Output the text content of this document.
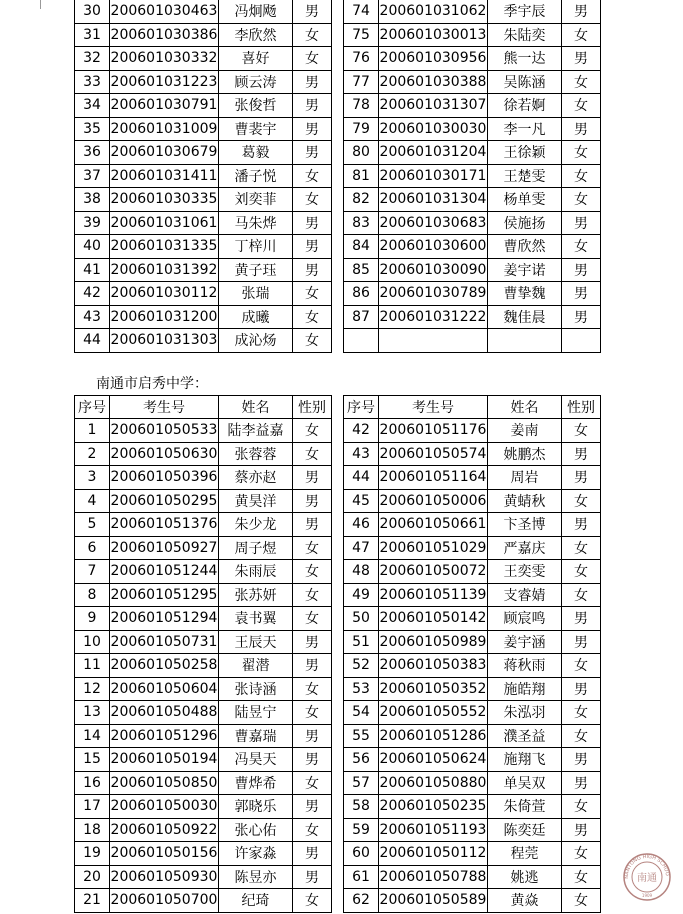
30	200601030463	冯炯飏	男		74	200601031062	季宇辰	男
31	200601030386	李欣然	女		75	200601030013	朱陆奕	女
32	200601030332	喜好	女		76	200601030956	熊一达	男
33	200601031223	顾云涛	男		77	200601030388	吴陈涵	女
34	200601030791	张俊哲	男		78	200601031307	徐若婀	女
35	200601031009	曹裴宇	男		79	200601030030	李一凡	男
36	200601030679	葛毅	男		80	200601031204	王徐颖	女
37	200601031411	潘子悦	女		81	200601030171	王楚雯	女
38	200601030335	刘奕菲	女		82	200601031304	杨单雯	女
39	200601031061	马朱烨	男		83	200601030683	侯施扬	男
40	200601031335	丁梓川	男		84	200601030600	曹欣然	女
41	200601031392	黄子珏	男		85	200601030090	姜宇诺	男
42	200601030112	张瑞	女		86	200601030789	曹挚魏	男
43	200601031200	成曦	女		87	200601031222	魏佳晨	男
44	200601031303	成沁炀	女					
南通市启秀中学：
序号	考生号	姓名	性别		序号	考生号	姓名	性别
1	200601050533	陆李益嘉	女		42	200601051176	姜南	女
2	200601050630	张蓉蓉	女		43	200601050574	姚鹏杰	男
3	200601050396	蔡亦赵	男		44	200601051164	周岩	男
4	200601050295	黄昊洋	男		45	200601050006	黄蜻秋	女
5	200601051376	朱少龙	男		46	200601050661	卞圣博	男
6	200601050927	周子煜	女		47	200601051029	严嘉庆	女
7	200601051244	朱雨辰	女		48	200601050072	王奕雯	女
8	200601051295	张苏妍	女		49	200601051139	支睿婧	女
9	200601051294	袁书翼	女		50	200601050142	顾宸鸣	男
10	200601050731	王辰天	男		51	200601050989	姜宇涵	男
11	200601050258	翟潜	男		52	200601050383	蒋秋雨	女
12	200601050604	张诗涵	女		53	200601050352	施皓翔	男
13	200601050488	陆昱宁	女		54	200601050552	朱泓羽	女
14	200601051296	曹嘉瑞	男		55	200601051286	濮圣益	女
15	200601050194	冯昊天	男		56	200601050624	施翔飞	男
16	200601050850	曹烨希	女		57	200601050880	单吴双	男
17	200601050030	郭晓乐	男		58	200601050235	朱倚萱	女
18	200601050922	张心佑	女		59	200601051193	陈奕廷	男
19	200601050156	许家淼	男		60	200601050112	程莞	女
20	200601050930	陈昱亦	男		61	200601050788	姚逃	女
21	200601050700	纪琦	女		62	200601050589	黄焱	女
NANTONG HIGH SCHOO
南通
1909
